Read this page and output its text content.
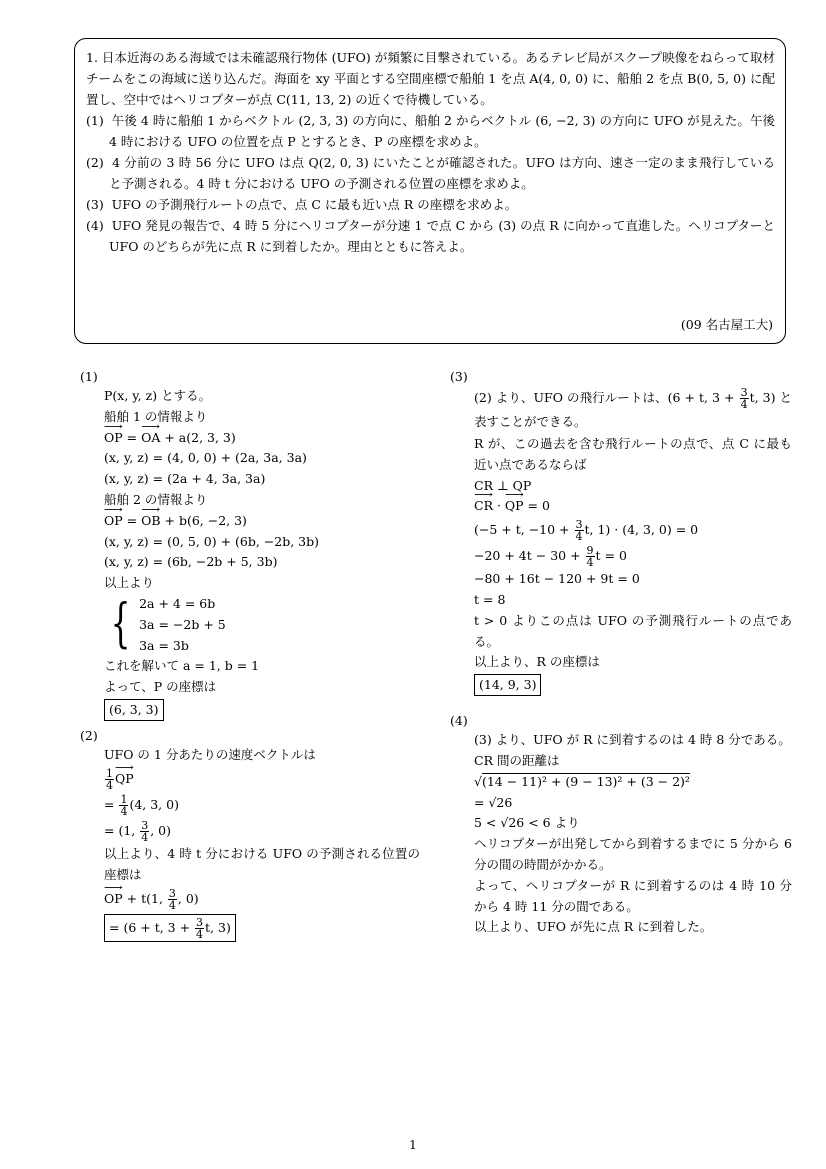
1. 日本近海のある海域では未確認飛行物体 (UFO) が頻繁に目撃されている。あるテレビ局がスクープ映像をねらって取材チームをこの海域に送り込んだ。海面を xy 平面とする空間座標で船舶 1 を点 A(4, 0, 0) に、船舶 2 を点 B(0, 5, 0) に配置し、空中ではヘリコプターが点 C(11, 13, 2) の近くで待機している。

(1) 午後 4 時に船舶 1 からベクトル (2, 3, 3) の方向に、船舶 2 からベクトル (6, −2, 3) の方向に UFO が見えた。午後 4 時における UFO の位置を点 P とするとき、P の座標を求めよ。

(2) 4 分前の 3 時 56 分に UFO は点 Q(2, 0, 3) にいたことが確認された。UFO は方向、速さ一定のまま飛行していると予測される。4 時 t 分における UFO の予測される位置の座標を求めよ。

(3) UFO の予測飛行ルートの点で、点 C に最も近い点 R の座標を求めよ。

(4) UFO 発見の報告で、4 時 5 分にヘリコプターが分速 1 で点 C から (3) の点 R に向かって直進した。ヘリコプターと UFO のどちらが先に点 R に到着したか。理由とともに答えよ。

(09 名古屋工大)
(1)
P(x, y, z) とする。
船舶 1 の情報より
⟶ OP = ⟶ OA + a(2, 3, 3)
(x, y, z) = (4, 0, 0) + (2a, 3a, 3a)
(x, y, z) = (2a + 4, 3a, 3a)
船舶 2 の情報より
⟶ OP = ⟶ OB + b(6, −2, 3)
(x, y, z) = (0, 5, 0) + (6b, −2b, 3b)
(x, y, z) = (6b, −2b + 5, 3b)
以上より
{ 2a + 4 = 6b
3a = −2b + 5
3a = 3b
これを解いて a = 1, b = 1
よって、P の座標は
(6, 3, 3)
(2)
UFO の 1 分あたりの速度ベクトルは
$\frac{1}{4}$
⟶ QP
= $\frac{1}{4} (4$, 3, 0)
= (1, $\frac{3}{4}$ , 0)
以上より、4 時 t 分における UFO の予測される位置の座標は
⟶ OP + t(1, $\frac{3}{4}$ , 0)
= (6 + t, $3 + \frac{3}{4} t$, 3)
(3)
(2) より、UFO の飛行ルートは、(6 + t, $3 + \frac{3}{4} t$, 3) と表すことができる。
R が、この過去を含む飛行ルートの点で、点 C に最も近い点であるならば
CR ⊥ QP
⟶ CR · ⟶ QP = 0
(−5 + t, $-10 + \frac{3}{4} t$, 1) · (4, 3, 0) = 0
$-20 + 4t - 30 + \frac{9}{4}$ t = 0
−80 + 16t − 120 + 9t = 0
t = 8
t > 0 よりこの点は UFO の予測飛行ルートの点である。
以上より、R の座標は
(14, 9, 3)
(4)
(3) より、UFO が R に到着するのは 4 時 8 分である。
CR 間の距離は
√(14 − 11)² + (9 − 13)² + (3 − 2)²
= √26
5 < √26 < 6 より
ヘリコプターが出発してから到着するまでに 5 分から 6 分の間の時間がかかる。
よって、ヘリコプターが R に到着するのは 4 時 10 分から 4 時 11 分の間である。
以上より、UFO が先に点 R に到着した。
1
